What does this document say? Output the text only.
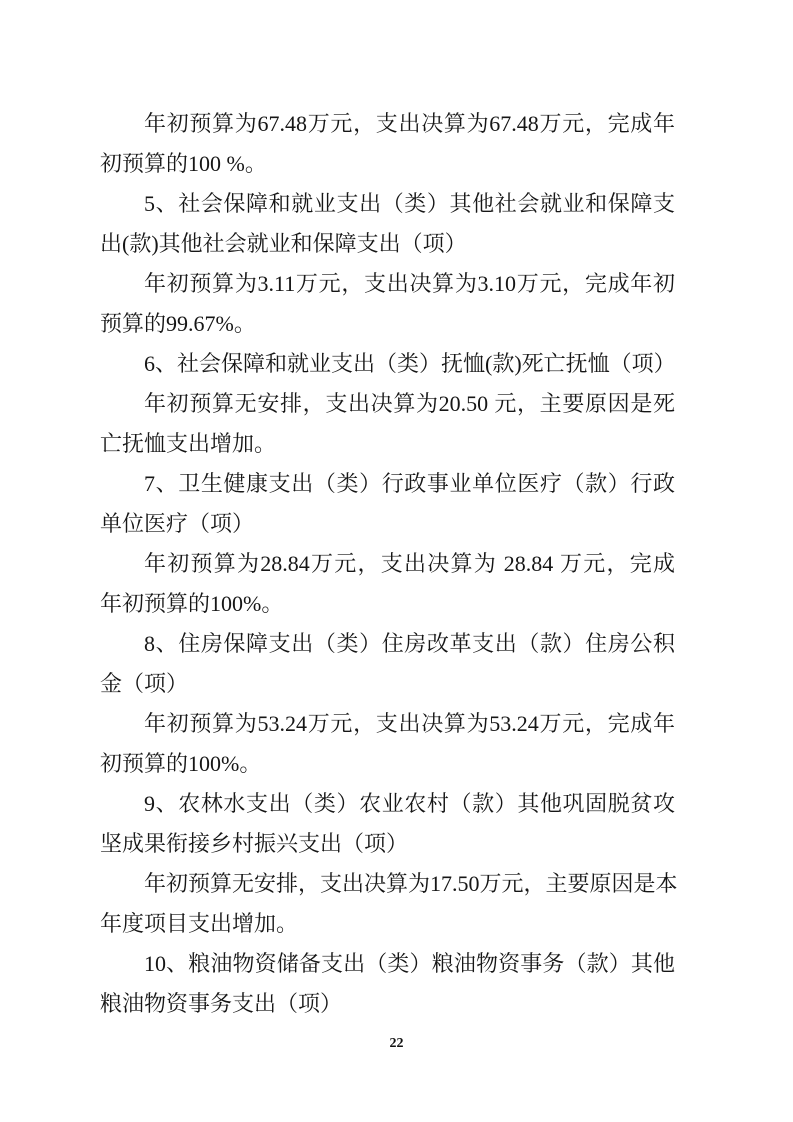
年初预算为67.48万元，支出决算为67.48万元，完成年
初预算的100 %。
5、社会保障和就业支出（类）其他社会就业和保障支
出(款)其他社会就业和保障支出（项）
年初预算为3.11万元，支出决算为3.10万元，完成年初
预算的99.67%。
6、社会保障和就业支出（类）抚恤(款)死亡抚恤（项）
年初预算无安排，支出决算为20.50 元，主要原因是死
亡抚恤支出增加。
7、卫生健康支出（类）行政事业单位医疗（款）行政
单位医疗（项）
年初预算为28.84万元，支出决算为 28.84 万元，完成
年初预算的100%。
8、住房保障支出（类）住房改革支出（款）住房公积
金（项）
年初预算为53.24万元，支出决算为53.24万元，完成年
初预算的100%。
9、农林水支出（类）农业农村（款）其他巩固脱贫攻
坚成果衔接乡村振兴支出（项）
年初预算无安排，支出决算为17.50万元，主要原因是本
年度项目支出增加。
10、粮油物资储备支出（类）粮油物资事务（款）其他
粮油物资事务支出（项）
22
